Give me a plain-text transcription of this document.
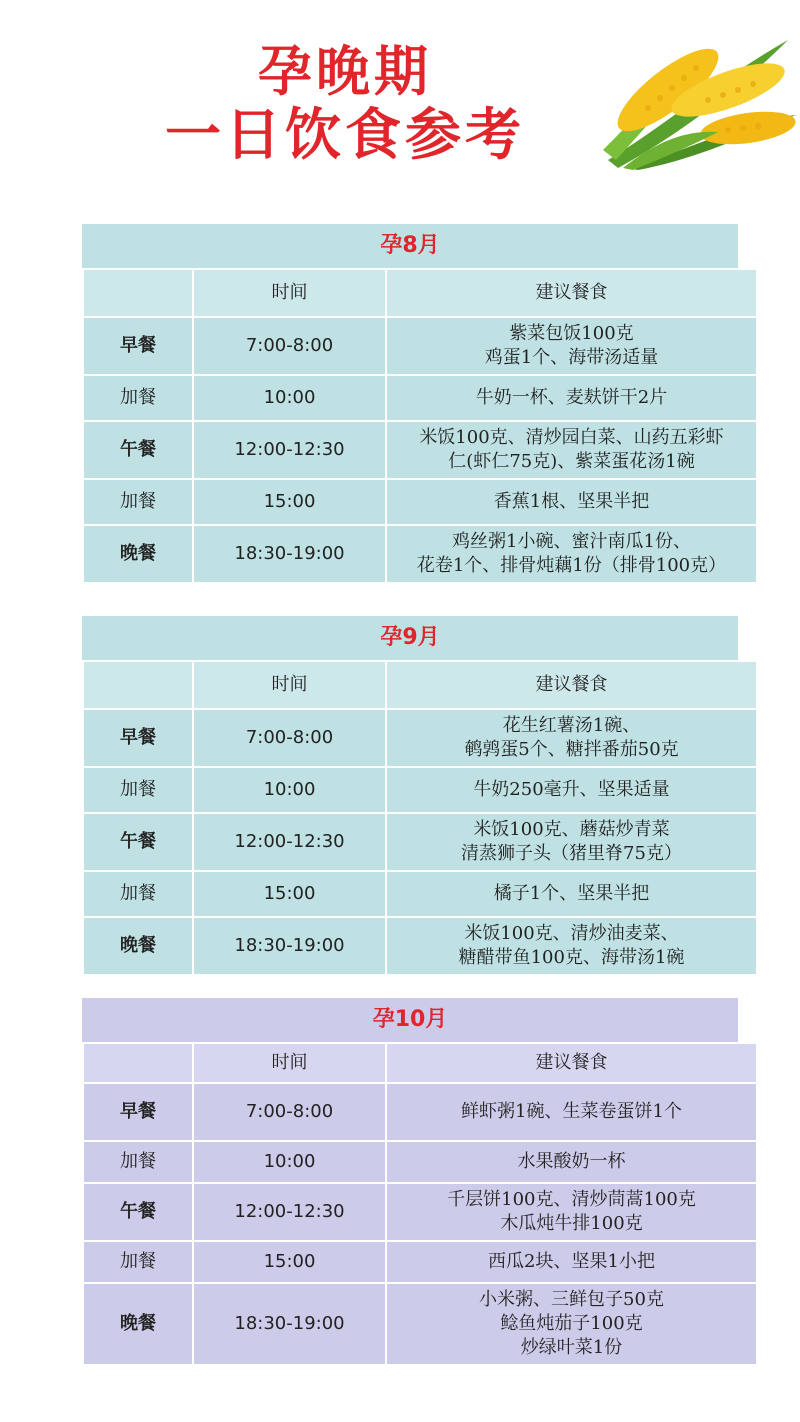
孕晚期
一日饮食参考
孕8月
	时间	建议餐食
早餐	7:00-8:00	紫菜包饭100克
鸡蛋1个、海带汤适量

加餐	10:00	牛奶一杯、麦麸饼干2片

午餐	12:00-12:30	米饭100克、清炒园白菜、山药五彩虾
仁(虾仁75克)、紫菜蛋花汤1碗

加餐	15:00	香蕉1根、坚果半把

晚餐	18:30-19:00	鸡丝粥1小碗、蜜汁南瓜1份、
花卷1个、排骨炖藕1份（排骨100克）
孕9月
	时间	建议餐食
早餐	7:00-8:00	花生红薯汤1碗、
鹌鹑蛋5个、糖拌番茄50克

加餐	10:00	牛奶250毫升、坚果适量

午餐	12:00-12:30	米饭100克、蘑菇炒青菜
清蒸狮子头（猪里脊75克）

加餐	15:00	橘子1个、坚果半把

晚餐	18:30-19:00	米饭100克、清炒油麦菜、
糖醋带鱼100克、海带汤1碗
孕10月
	时间	建议餐食
早餐	7:00-8:00	鲜虾粥1碗、生菜卷蛋饼1个

加餐	10:00	水果酸奶一杯

午餐	12:00-12:30	千层饼100克、清炒茼蒿100克
木瓜炖牛排100克

加餐	15:00	西瓜2块、坚果1小把

晚餐	18:30-19:00	小米粥、三鲜包子50克
鲶鱼炖茄子100克
炒绿叶菜1份
